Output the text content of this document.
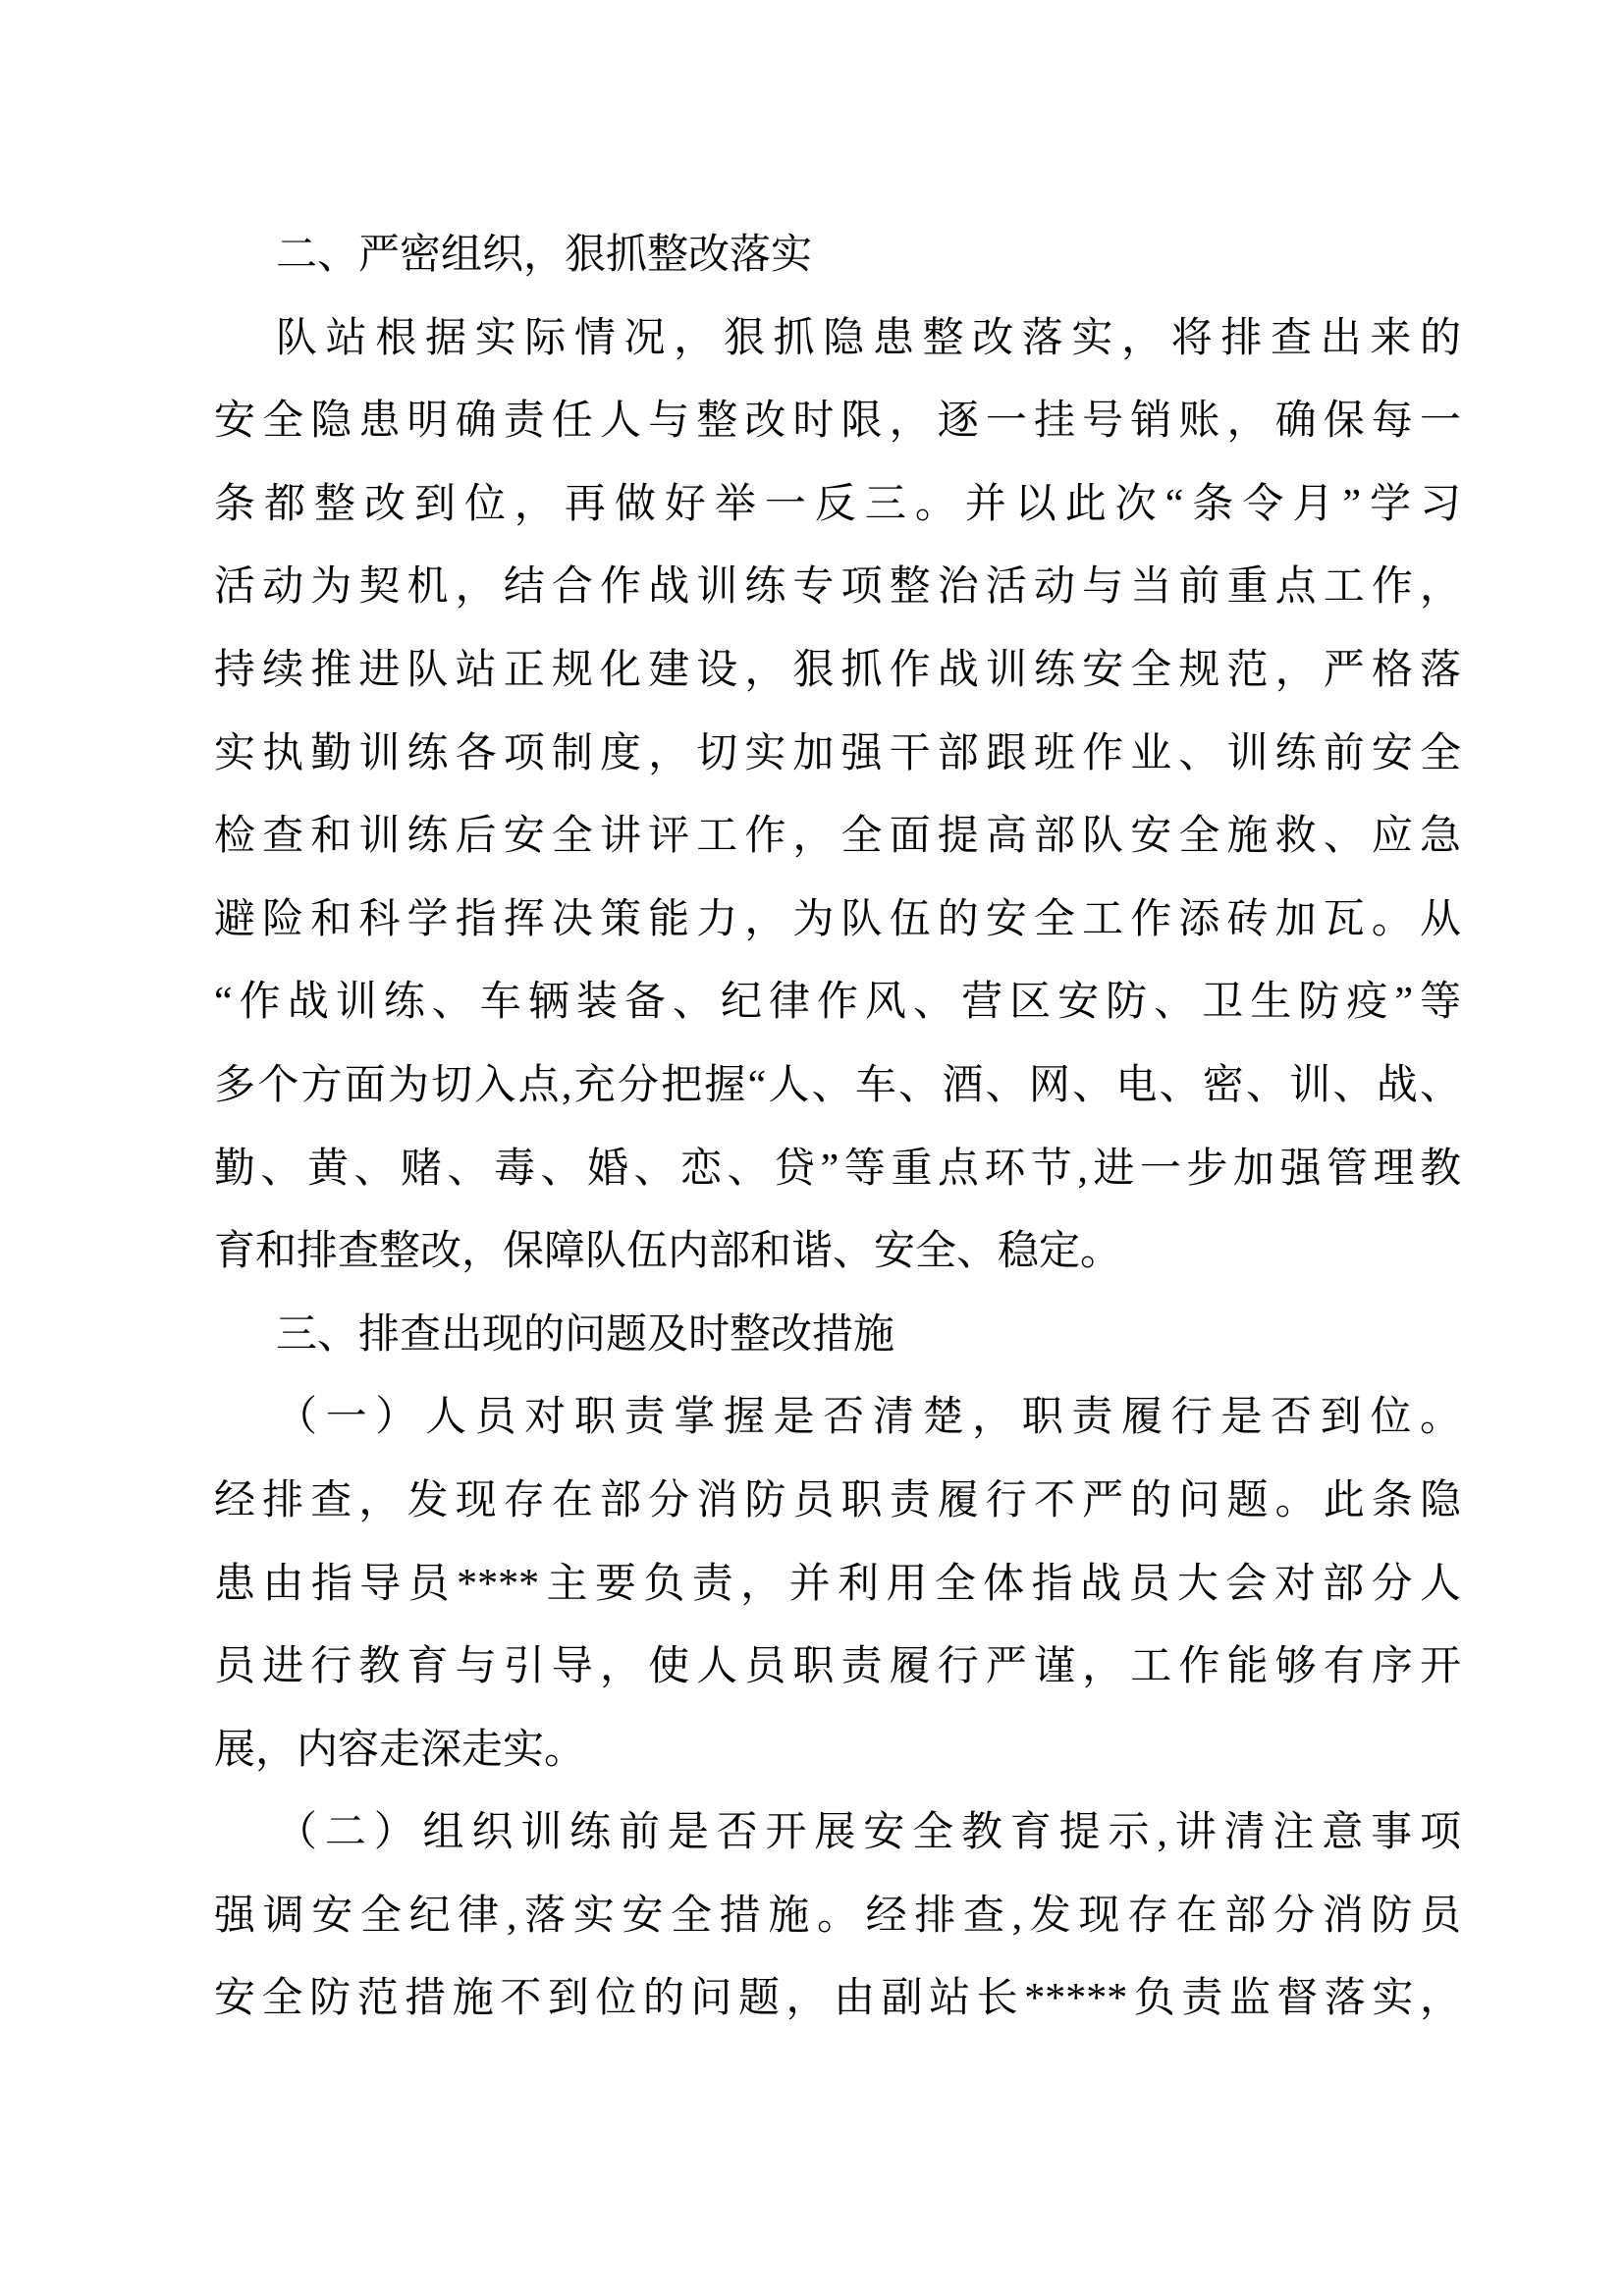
二、严密组织，狠抓整改落实
队站根据实际情况，狠抓隐患整改落实，将排查出来的
安全隐患明确责任人与整改时限，逐一挂号销账，确保每一
条都整改到位，再做好举一反三。并以此次“条令月”学习
活动为契机，结合作战训练专项整治活动与当前重点工作，
持续推进队站正规化建设，狠抓作战训练安全规范，严格落
实执勤训练各项制度，切实加强干部跟班作业、训练前安全
检查和训练后安全讲评工作，全面提高部队安全施救、应急
避险和科学指挥决策能力，为队伍的安全工作添砖加瓦。从
“作战训练、车辆装备、纪律作风、营区安防、卫生防疫”等
多个方面为切入点,充分把握“人、车、酒、网、电、密、训、战、
勤、黄、赌、毒、婚、恋、贷”等重点环节,进一步加强管理教
育和排查整改，保障队伍内部和谐、安全、稳定。
三、排查出现的问题及时整改措施
（一）人员对职责掌握是否清楚，职责履行是否到位。
经排查，发现存在部分消防员职责履行不严的问题。此条隐
患由指导员****主要负责，并利用全体指战员大会对部分人
员进行教育与引导，使人员职责履行严谨，工作能够有序开
展，内容走深走实。
（二）组织训练前是否开展安全教育提示,讲清注意事项
强调安全纪律,落实安全措施。经排查,发现存在部分消防员
安全防范措施不到位的问题，由副站长*****负责监督落实，
